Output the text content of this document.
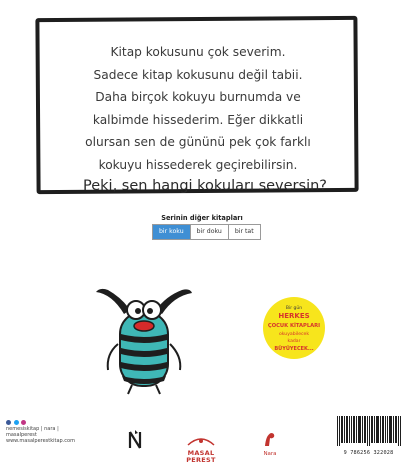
Kitap kokusunu çok severim.
Sadece kitap kokusunu değil tabii.
Daha birçok kokuyu burnumda ve
kalbimde hissederim. Eğer dikkatli
olursan sen de gününü pek çok farklı
kokuyu hissederek geçirebilirsin.

Peki, sen hangi kokuları seversin?

Serinin diğer kitapları
bir koku	bir doku	bir tat
Bir gün
HERKES
ÇOCUK KİTAPLARI
okuyabilecek
kadar
BÜYÜYECEK...

nemesiskitap | nara | masalperest
www.masalperestkitap.com
MASAL
PEREST
Nara	9 786256 322028
